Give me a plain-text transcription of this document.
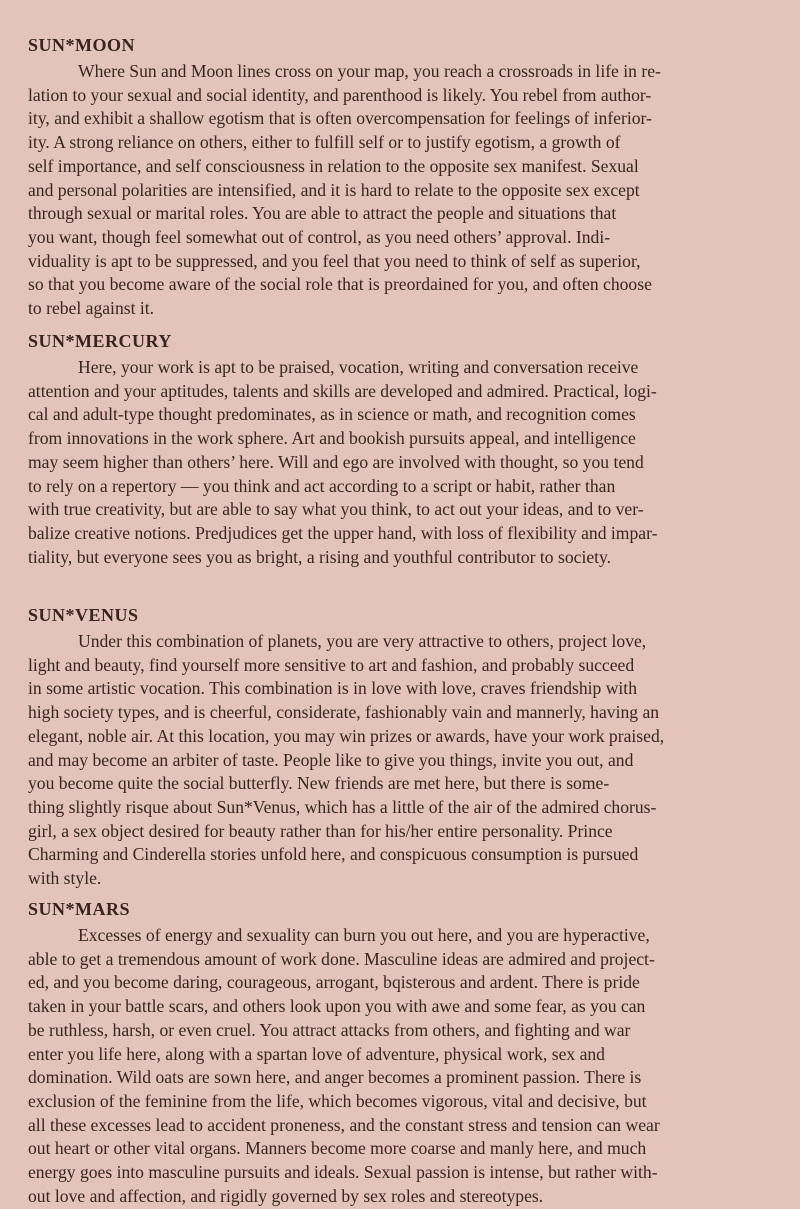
SUN*MOON

Where Sun and Moon lines cross on your map, you reach a crossroads in life in re-
lation to your sexual and social identity, and parenthood is likely. You rebel from author-
ity, and exhibit a shallow egotism that is often overcompensation for feelings of inferior-
ity. A strong reliance on others, either to fulfill self or to justify egotism, a growth of
self importance, and self consciousness in relation to the opposite sex manifest. Sexual
and personal polarities are intensified, and it is hard to relate to the opposite sex except
through sexual or marital roles. You are able to attract the people and situations that
you want, though feel somewhat out of control, as you need others’ approval. Indi-
viduality is apt to be suppressed, and you feel that you need to think of self as superior,
so that you become aware of the social role that is preordained for you, and often choose
to rebel against it.

SUN*MERCURY

Here, your work is apt to be praised, vocation, writing and conversation receive
attention and your aptitudes, talents and skills are developed and admired. Practical, logi-
cal and adult-type thought predominates, as in science or math, and recognition comes
from innovations in the work sphere. Art and bookish pursuits appeal, and intelligence
may seem higher than others’ here. Will and ego are involved with thought, so you tend
to rely on a repertory — you think and act according to a script or habit, rather than
with true creativity, but are able to say what you think, to act out your ideas, and to ver-
balize creative notions. Predjudices get the upper hand, with loss of flexibility and impar-
tiality, but everyone sees you as bright, a rising and youthful contributor to society.

SUN*VENUS

Under this combination of planets, you are very attractive to others, project love,
light and beauty, find yourself more sensitive to art and fashion, and probably succeed
in some artistic vocation. This combination is in love with love, craves friendship with
high society types, and is cheerful, considerate, fashionably vain and mannerly, having an
elegant, noble air. At this location, you may win prizes or awards, have your work praised,
and may become an arbiter of taste. People like to give you things, invite you out, and
you become quite the social butterfly. New friends are met here, but there is some-
thing slightly risque about Sun*Venus, which has a little of the air of the admired chorus-
girl, a sex object desired for beauty rather than for his/her entire personality. Prince
Charming and Cinderella stories unfold here, and conspicuous consumption is pursued
with style.

SUN*MARS

Excesses of energy and sexuality can burn you out here, and you are hyperactive,
able to get a tremendous amount of work done. Masculine ideas are admired and project-
ed, and you become daring, courageous, arrogant, bqisterous and ardent. There is pride
taken in your battle scars, and others look upon you with awe and some fear, as you can
be ruthless, harsh, or even cruel. You attract attacks from others, and fighting and war
enter you life here, along with a spartan love of adventure, physical work, sex and
domination. Wild oats are sown here, and anger becomes a prominent passion. There is
exclusion of the feminine from the life, which becomes vigorous, vital and decisive, but
all these excesses lead to accident proneness, and the constant stress and tension can wear
out heart or other vital organs. Manners become more coarse and manly here, and much
energy goes into masculine pursuits and ideals. Sexual passion is intense, but rather with-
out love and affection, and rigidly governed by sex roles and stereotypes.
